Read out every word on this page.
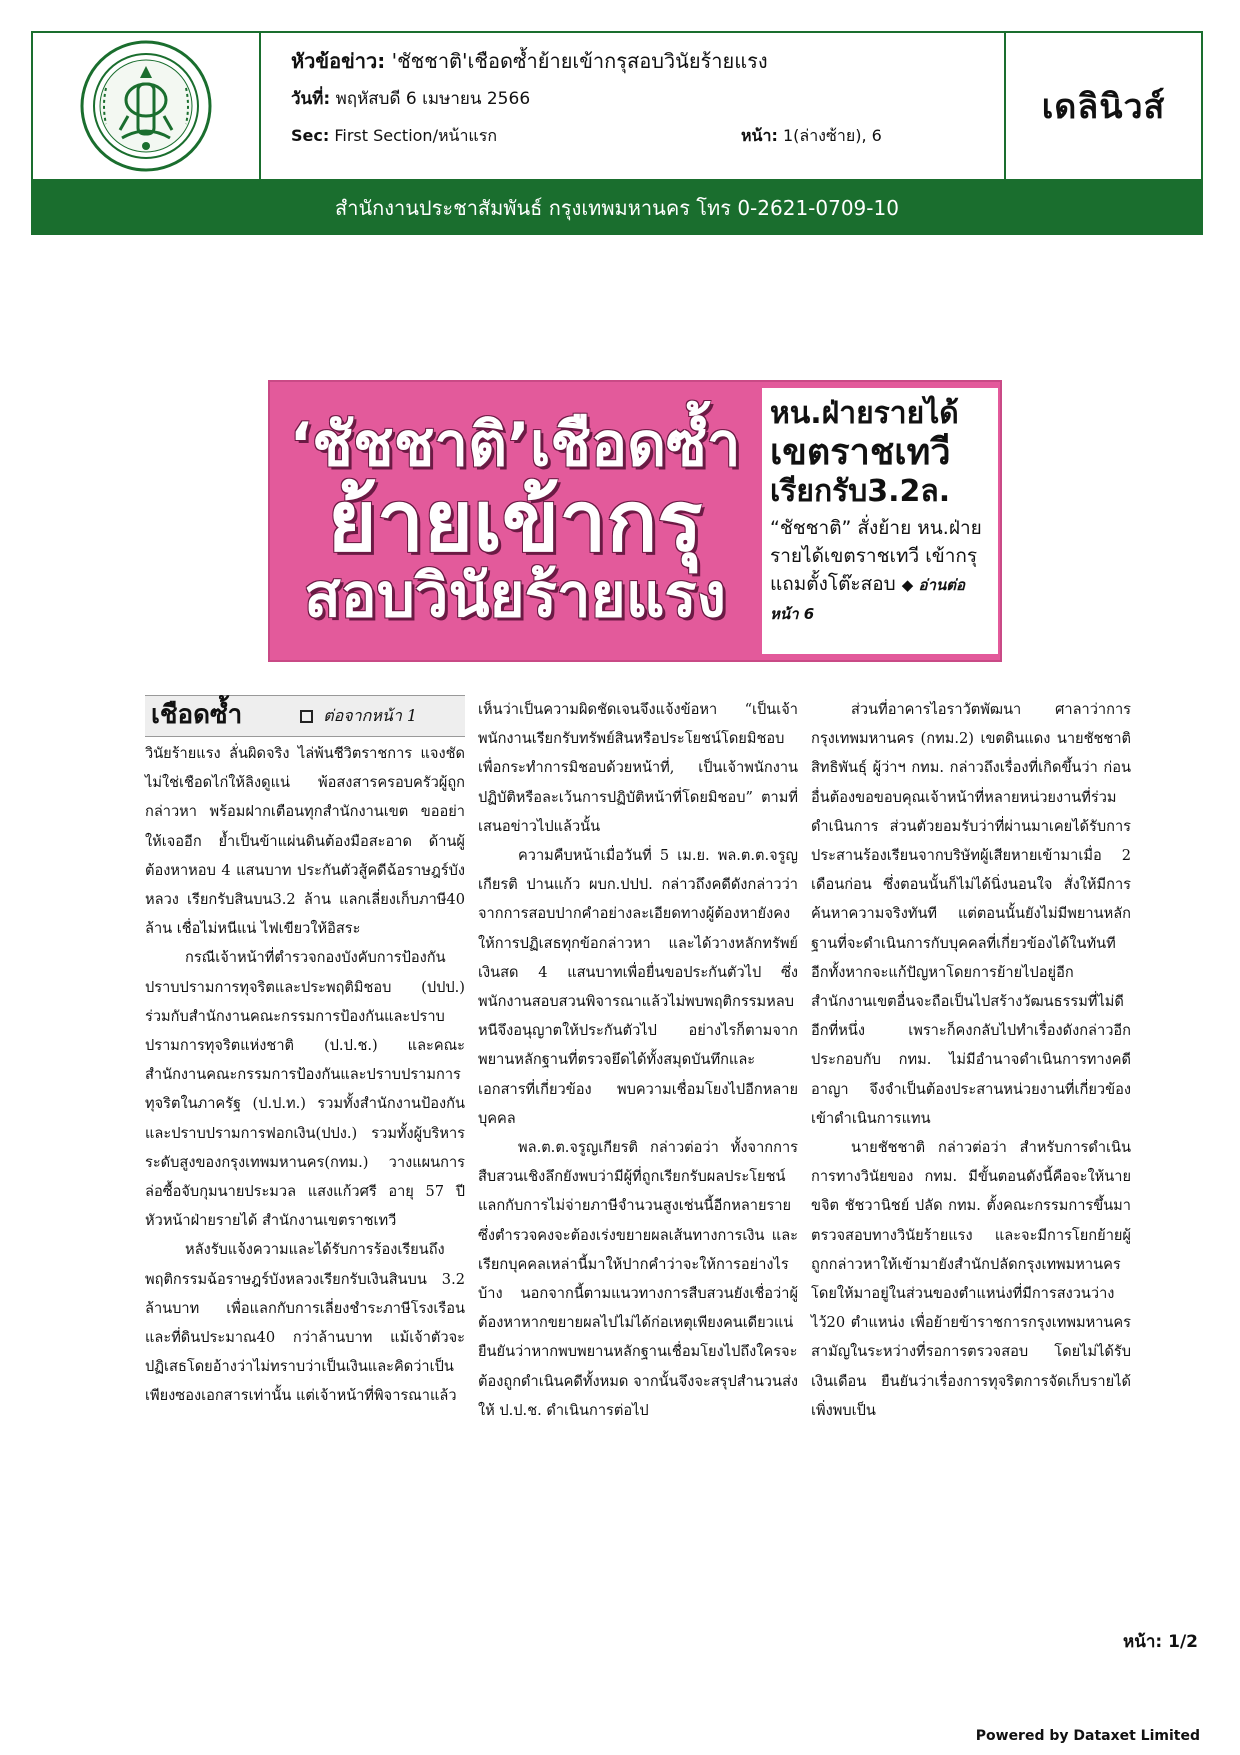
หัวข้อข่าว: 'ชัชชาติ'เชือดซ้ำย้ายเข้ากรุสอบวินัยร้ายแรง
วันที่: พฤหัสบดี 6 เมษายน 2566
Sec: First Section/หน้าแรก	หน้า: 1(ล่างซ้าย), 6
เดลินิวส์
สำนักงานประชาสัมพันธ์ กรุงเทพมหานคร โทร 0-2621-0709-10
‘ชัชชาติ’เชือดซ้ำ
ย้ายเข้ากรุ
สอบวินัยร้ายแรง
หน.ฝ่ายรายได้
เขตราชเทวี
เรียกรับ3.2ล.
“ชัชชาติ” สั่งย้าย หน.ฝ่ายรายได้เขตราชเทวี เข้ากรุ แถมตั้งโต๊ะสอบ ◆ อ่านต่อหน้า 6
เชือดซ้ำ	ต่อจากหน้า 1

วินัยร้ายแรง ลั่นผิดจริง ไล่พ้นชีวิตราชการ แจงชัดไม่ใช่เชือดไก่ให้ลิงดูแน่ พ้อสงสารครอบครัวผู้ถูกกล่าวหา พร้อมฝากเตือนทุกสำนักงานเขต ขออย่าให้เจออีก ย้ำเป็นข้าแผ่นดินต้องมือสะอาด ด้านผู้ต้องหาหอบ 4 แสนบาท ประกันตัวสู้คดีฉ้อราษฎร์บังหลวง เรียกรับสินบน3.2 ล้าน แลกเลี่ยงเก็บภาษี40 ล้าน เชื่อไม่หนีแน่ ไฟเขียวให้อิสระ

กรณีเจ้าหน้าที่ตำรวจกองบังคับการป้องกันปราบปรามการทุจริตและประพฤติมิชอบ (ปปป.) ร่วมกับสำนักงานคณะกรรมการป้องกันและปราบปรามการทุจริตแห่งชาติ (ป.ป.ช.) และคณะสำนักงานคณะกรรมการป้องกันและปราบปรามการทุจริตในภาครัฐ (ป.ป.ท.) รวมทั้งสำนักงานป้องกันและปราบปรามการฟอกเงิน(ปปง.) รวมทั้งผู้บริหารระดับสูงของกรุงเทพมหานคร(กทม.) วางแผนการล่อซื้อจับกุมนายประมวล แสงแก้วศรี อายุ 57 ปี หัวหน้าฝ่ายรายได้ สำนักงานเขตราชเทวี

หลังรับแจ้งความและได้รับการร้องเรียนถึงพฤติกรรมฉ้อราษฎร์บังหลวงเรียกรับเงินสินบน 3.2 ล้านบาท เพื่อแลกกับการเลี่ยงชำระภาษีโรงเรือนและที่ดินประมาณ40 กว่าล้านบาท แม้เจ้าตัวจะปฏิเสธโดยอ้างว่าไม่ทราบว่าเป็นเงินและคิดว่าเป็นเพียงซองเอกสารเท่านั้น แต่เจ้าหน้าที่พิจารณาแล้ว

เห็นว่าเป็นความผิดชัดเจนจึงแจ้งข้อหา “เป็นเจ้าพนักงานเรียกรับทรัพย์สินหรือประโยชน์โดยมิชอบเพื่อกระทำการมิชอบด้วยหน้าที่, เป็นเจ้าพนักงาน ปฏิบัติหรือละเว้นการปฏิบัติหน้าที่โดยมิชอบ” ตามที่เสนอข่าวไปแล้วนั้น

ความคืบหน้าเมื่อวันที่ 5 เม.ย. พล.ต.ต.จรูญเกียรติ ปานแก้ว ผบก.ปปป. กล่าวถึงคดีดังกล่าวว่า จากการสอบปากคำอย่างละเอียดทางผู้ต้องหายังคงให้การปฏิเสธทุกข้อกล่าวหา และได้วางหลักทรัพย์เงินสด 4 แสนบาทเพื่อยื่นขอประกันตัวไป ซึ่งพนักงานสอบสวนพิจารณาแล้วไม่พบพฤติกรรมหลบหนีจึงอนุญาตให้ประกันตัวไป อย่างไรก็ตามจากพยานหลักฐานที่ตรวจยึดได้ทั้งสมุดบันทึกและเอกสารที่เกี่ยวข้อง พบความเชื่อมโยงไปอีกหลายบุคคล

พล.ต.ต.จรูญเกียรติ กล่าวต่อว่า ทั้งจากการสืบสวนเชิงลึกยังพบว่ามีผู้ที่ถูกเรียกรับผลประโยชน์แลกกับการไม่จ่ายภาษีจำนวนสูงเช่นนี้อีกหลายราย ซึ่งตำรวจคงจะต้องเร่งขยายผลเส้นทางการเงิน และเรียกบุคคลเหล่านี้มาให้ปากคำว่าจะให้การอย่างไรบ้าง นอกจากนี้ตามแนวทางการสืบสวนยังเชื่อว่าผู้ต้องหาหากขยายผลไปไม่ได้ก่อเหตุเพียงคนเดียวแน่ ยืนยันว่าหากพบพยานหลักฐานเชื่อมโยงไปถึงใครจะต้องถูกดำเนินคดีทั้งหมด จากนั้นจึงจะสรุปสำนวนส่งให้ ป.ป.ช. ดำเนินการต่อไป

ส่วนที่อาคารไอราวัตพัฒนา ศาลาว่าการกรุงเทพมหานคร (กทม.2) เขตดินแดง นายชัชชาติ สิทธิพันธุ์ ผู้ว่าฯ กทม. กล่าวถึงเรื่องที่เกิดขึ้นว่า ก่อนอื่นต้องขอขอบคุณเจ้าหน้าที่หลายหน่วยงานที่ร่วมดำเนินการ ส่วนตัวยอมรับว่าที่ผ่านมาเคยได้รับการประสานร้องเรียนจากบริษัทผู้เสียหายเข้ามาเมื่อ 2 เดือนก่อน ซึ่งตอนนั้นก็ไม่ได้นิ่งนอนใจ สั่งให้มีการค้นหาความจริงทันที แต่ตอนนั้นยังไม่มีพยานหลักฐานที่จะดำเนินการกับบุคคลที่เกี่ยวข้องได้ในทันที อีกทั้งหากจะแก้ปัญหาโดยการย้ายไปอยู่อีกสำนักงานเขตอื่นจะถือเป็นไปสร้างวัฒนธรรมที่ไม่ดีอีกที่หนึ่ง เพราะก็คงกลับไปทำเรื่องดังกล่าวอีก ประกอบกับ กทม. ไม่มีอำนาจดำเนินการทางคดีอาญา จึงจำเป็นต้องประสานหน่วยงานที่เกี่ยวข้องเข้าดำเนินการแทน

นายชัชชาติ กล่าวต่อว่า สำหรับการดำเนินการทางวินัยของ กทม. มีขั้นตอนดังนี้คือจะให้นายขจิต ชัชวานิชย์ ปลัด กทม. ตั้งคณะกรรมการขึ้นมาตรวจสอบทางวินัยร้ายแรง และจะมีการโยกย้ายผู้ถูกกล่าวหาให้เข้ามายังสำนักปลัดกรุงเทพมหานคร โดยให้มาอยู่ในส่วนของตำแหน่งที่มีการสงวนว่างไว้20 ตำแหน่ง เพื่อย้ายข้าราชการกรุงเทพมหานครสามัญในระหว่างที่รอการตรวจสอบ โดยไม่ได้รับเงินเดือน ยืนยันว่าเรื่องการทุจริตการจัดเก็บรายได้เพิ่งพบเป็น

หน้า: 1/2
Powered by Dataxet Limited
